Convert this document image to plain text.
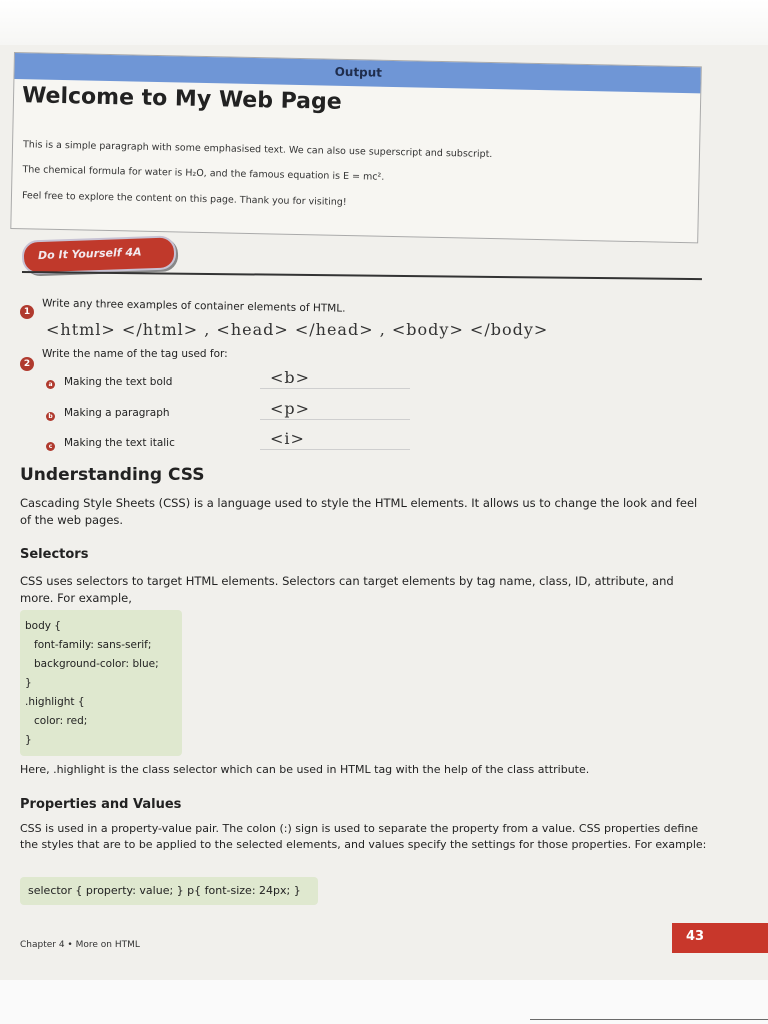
Output
Welcome to My Web Page
This is a simple paragraph with some emphasised text. We can also use superscript and subscript.
The chemical formula for water is H₂O, and the famous equation is E = mc².
Feel free to explore the content on this page. Thank you for visiting!
Do It Yourself 4A
1	Write any three examples of container elements of HTML.
<html> </html> , <head> </head> , <body> </body>
2
Write the name of the tag used for:
a Making the text bold	<b>
b Making a paragraph	<p>
c Making the text italic	<i>
Understanding CSS
Cascading Style Sheets (CSS) is a language used to style the HTML elements. It allows us to change the look and feel of the web pages.
Selectors
CSS uses selectors to target HTML elements. Selectors can target elements by tag name, class, ID, attribute, and more. For example,
body {
font-family: sans-serif;
background-color: blue;
}
.highlight {
color: red;
}
Here, .highlight is the class selector which can be used in HTML tag with the help of the class attribute.
Properties and Values
CSS is used in a property-value pair. The colon (:) sign is used to separate the property from a value. CSS properties define the styles that are to be applied to the selected elements, and values specify the settings for those properties. For example:
selector { property: value; } p{ font-size: 24px; }
Chapter 4 • More on HTML
43
